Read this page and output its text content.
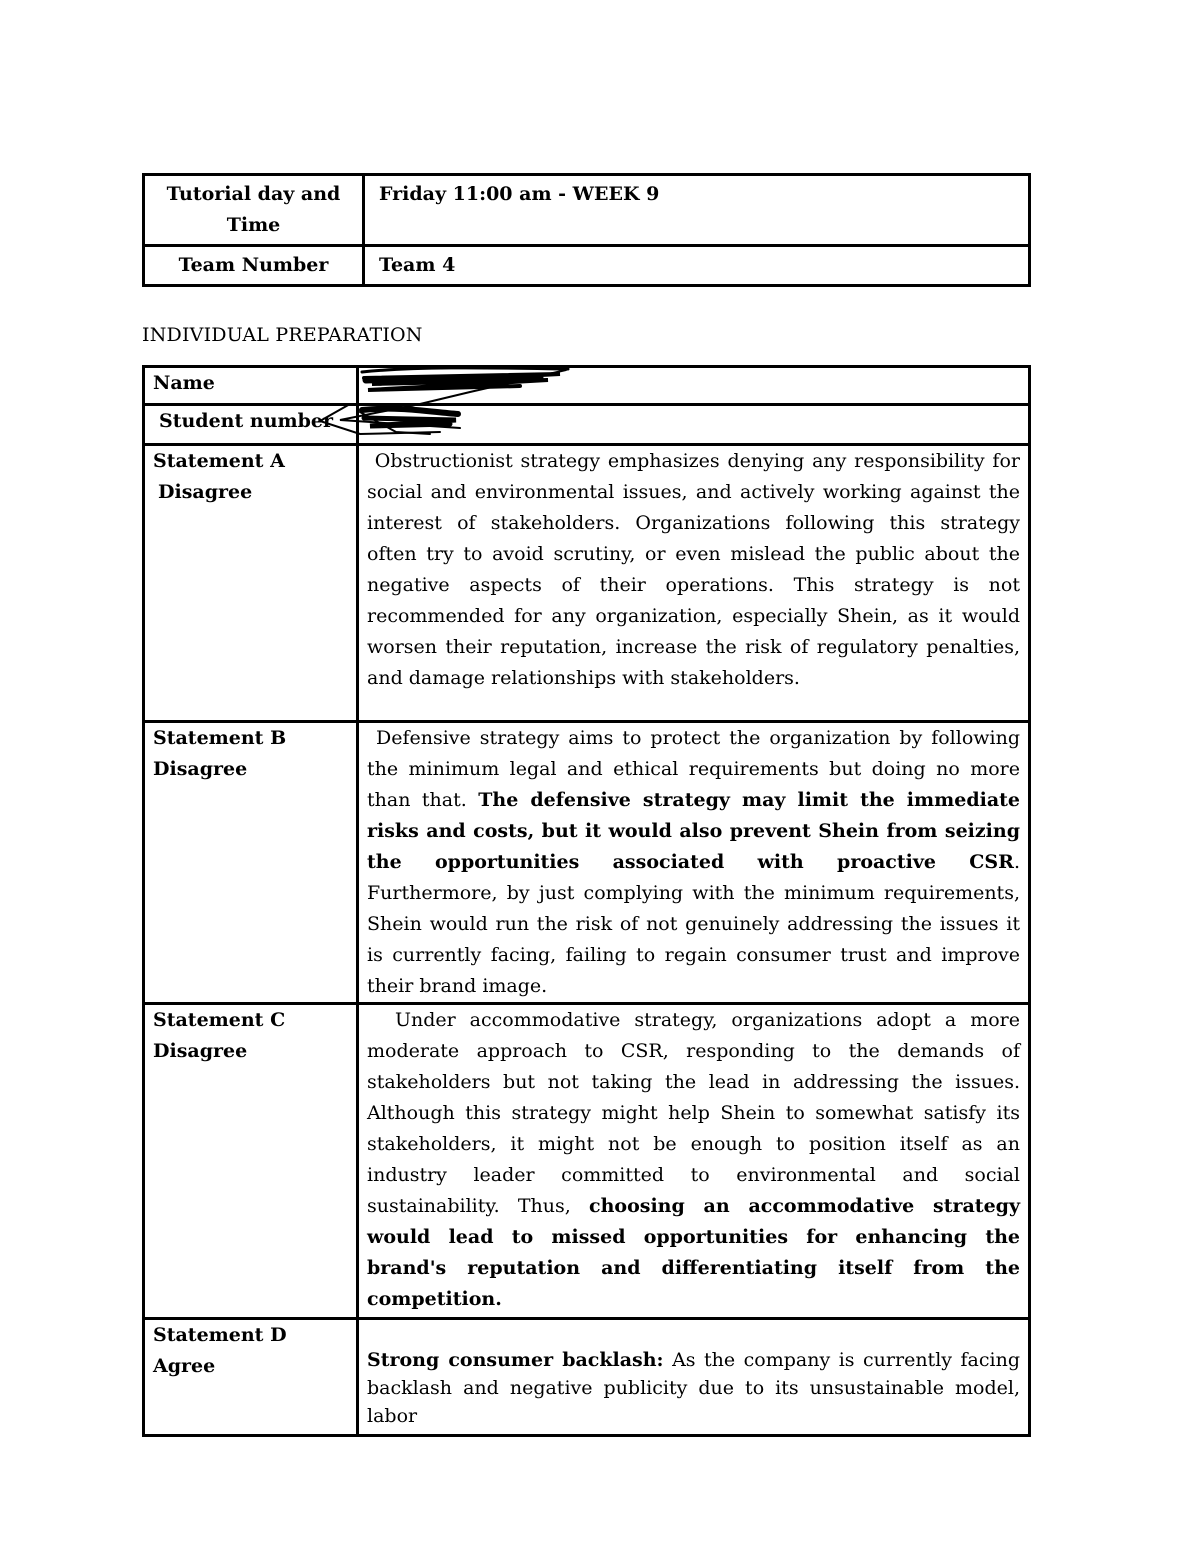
Tutorial day and Time	Friday 11:00 am - WEEK 9
Team Number	Team 4
INDIVIDUAL PREPARATION
Name	
Student number	

Statement A
Disagree	Obstructionist strategy emphasizes denying any responsibility for social and environmental issues, and actively working against the interest of stakeholders. Organizations following this strategy often try to avoid scrutiny, or even mislead the public about the negative aspects of their operations. This strategy is not recommended for any organization, especially Shein, as it would worsen their reputation, increase the risk of regulatory penalties, and damage relationships with stakeholders.

Statement B
Disagree	Defensive strategy aims to protect the organization by following the minimum legal and ethical requirements but doing no more than that. The defensive strategy may limit the immediate risks and costs, but it would also prevent Shein from seizing the opportunities associated with proactive CSR. Furthermore, by just complying with the minimum requirements, Shein would run the risk of not genuinely addressing the issues it is currently facing, failing to regain consumer trust and improve their brand image.

Statement C
Disagree	Under accommodative strategy, organizations adopt a more moderate approach to CSR, responding to the demands of stakeholders but not taking the lead in addressing the issues. Although this strategy might help Shein to somewhat satisfy its stakeholders, it might not be enough to position itself as an industry leader committed to environmental and social sustainability. Thus, choosing an accommodative strategy would lead to missed opportunities for enhancing the brand's reputation and differentiating itself from the competition.

Statement D
Agree	Strong consumer backlash: As the company is currently facing backlash and negative publicity due to its unsustainable model, labor
